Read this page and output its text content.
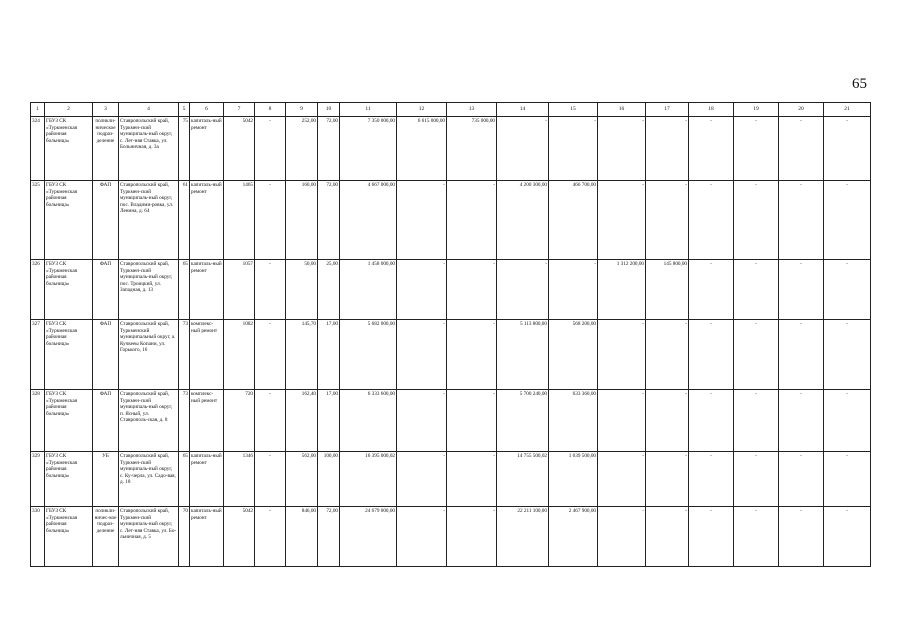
65
1	2	3	4	5	6	7	8	9	10	11	12	13	14	15	16	17	18	19	20	21
324	ГБУЗ СК «Туркменская районная больница»	поликли-ническое подраз-деление	Ставропольский край, Туркмен-ский муниципаль-ный округ, с. Лет-няя Ставка, ул. Больничная, д. 3а	75	капиталь-ный ремонт	5042	-	252,00	72,00	7 350 000,00	6 615 000,00	735 000,00	-	-	-	-	-	-	-	-
325	ГБУЗ СК «Туркменская районная больница»	ФАП	Ставропольский край, Туркмен-ский муниципаль-ный округ, пос. Владими-ровка, ул. Ленина, д. 64	61	капиталь-ный ремонт	1465	-	160,00	72,00	4 667 000,00	-	-	4 200 300,00	466 700,00	-	-	-	-	-	-
326	ГБУЗ СК «Туркменская районная больница»	ФАП	Ставропольский край, Туркмен-ский муниципаль-ный округ, пос. Троицкий, ул. Западная, д. 13	65	капиталь-ный ремонт	1057	-	50,00	25,00	1 458 000,00	-	-	-	-	1 312 200,00	145 800,00	-	-	-	-
327	ГБУЗ СК «Туркменская районная больница»	ФАП	Ставропольский край, Туркменский муниципальный округ, а. Кучкееы Копани, ул. Горького, 16	73	комплекс-ный ремонт	1082	-	145,70	17,00	5 682 000,00	-	-	5 113 800,00	568 200,00	-	-	-	-	-	-
328	ГБУЗ СК «Туркменская районная больница»	ФАП	Ставропольский край, Туркмен-ский муниципаль-ный округ, п. Ясный, ул. Ставрополь-ская, д. 8	73	комплекс-ный ремонт	720	-	162,40	17,00	6 333 600,00	-	-	5 700 240,00	633 360,00	-	-	-	-	-	-
329	ГБУЗ СК «Туркменская районная больница»	УБ	Ставропольский край, Туркмен-ский муниципаль-ный округ, с. Ку-черла, ул. Садо-вая, д. 18	65	капиталь-ный ремонт	1346	-	562,00	100,00	16 395 000,02	-	-	14 755 500,02	1 639 500,00	-	-	-	-	-	-
330	ГБУЗ СК «Туркменская районная больница»	поликли-ничес-кое подраз-деление	Ставропольский край, Туркмен-ский муниципаль-ный округ, с. Лет-няя Ставка, ул. Бо-льничная, д. 5	70	капиталь-ный ремонт	5042	-	846,00	72,00	24 679 000,00	-	-	22 211 100,00	2 467 900,00	-	-	-	-	-	-
